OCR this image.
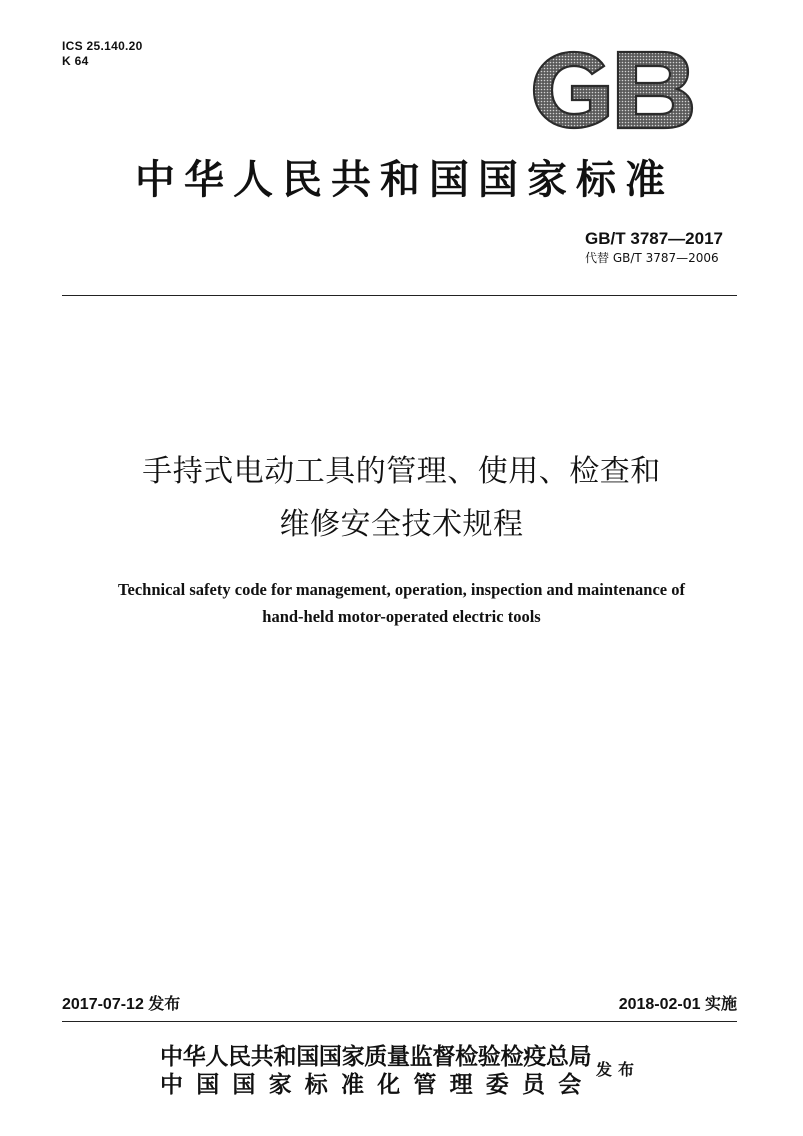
ICS 25.140.20
K 64
中华人民共和国国家标准
GB/T 3787—2017
代替 GB/T 3787—2006
手持式电动工具的管理、使用、检查和
维修安全技术规程
Technical safety code for management, operation, inspection and maintenance of
hand-held motor-operated electric tools
2017-07-12 发布	2018-02-01 实施
中华人民共和国国家质量监督检验检疫总局
中国国家标准化管理委员会
发布
